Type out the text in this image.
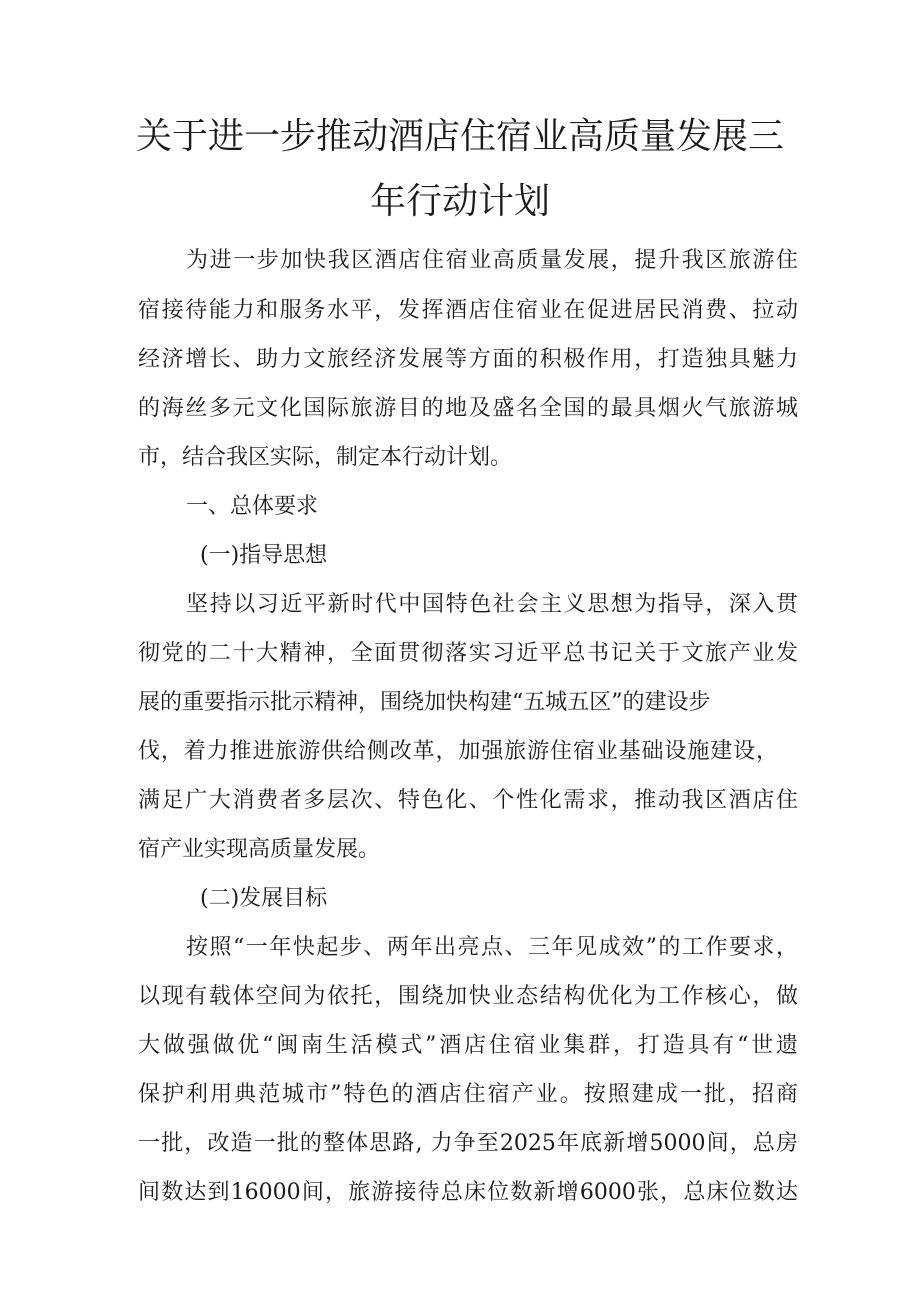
关于进一步推动酒店住宿业高质量发展三
年行动计划

为进一步加快我区酒店住宿业高质量发展，提升我区旅游住

宿接待能力和服务水平，发挥酒店住宿业在促进居民消费、拉动

经济增长、助力文旅经济发展等方面的积极作用，打造独具魅力

的海丝多元文化国际旅游目的地及盛名全国的最具烟火气旅游城

市，结合我区实际，制定本行动计划。

一、总体要求

(一)指导思想

坚持以习近平新时代中国特色社会主义思想为指导，深入贯

彻党的二十大精神，全面贯彻落实习近平总书记关于文旅产业发

展的重要指示批示精神，围绕加快构建“五城五区”的建设步

伐，着力推进旅游供给侧改革，加强旅游住宿业基础设施建设，

满足广大消费者多层次、特色化、个性化需求，推动我区酒店住

宿产业实现高质量发展。

(二)发展目标

按照“一年快起步、两年出亮点、三年见成效”的工作要求，

以现有载体空间为依托，围绕加快业态结构优化为工作核心，做

大做强做优“闽南生活模式”酒店住宿业集群，打造具有“世遗

保护利用典范城市”特色的酒店住宿产业。按照建成一批，招商

一批，改造一批的整体思路, 力争至2025年底新增5000间，总房

间数达到16000间，旅游接待总床位数新增6000张，总床位数达
